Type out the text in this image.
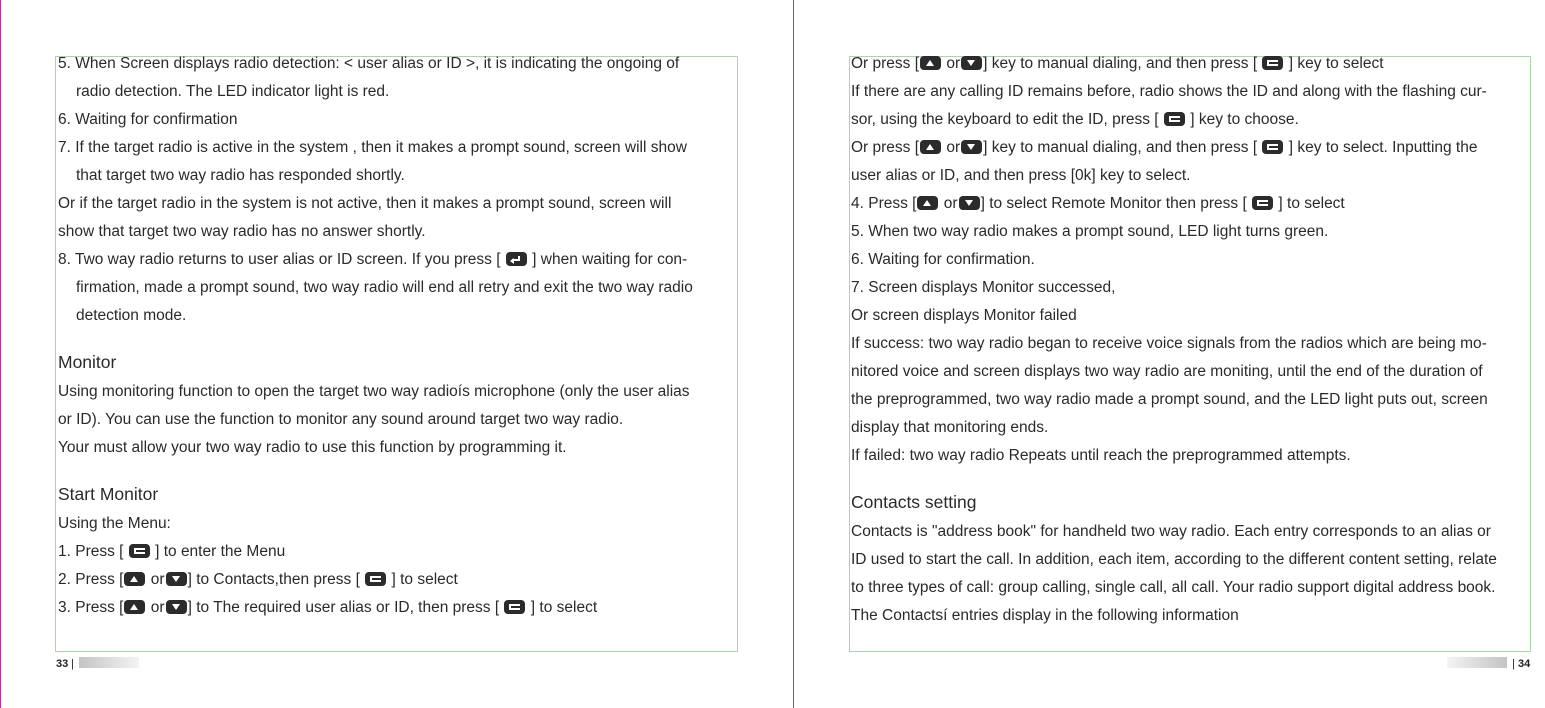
5. When Screen displays radio detection: < user alias or ID >, it is indicating the ongoing of
radio detection. The LED indicator light is red.
6. Waiting for confirmation
7. If the target radio is active in the system , then it makes a prompt sound, screen will show
that target two way radio has responded shortly.
Or if the target radio in the system is not active, then it makes a prompt sound, screen will
show that target two way radio has no answer shortly.
8. Two way radio returns to user alias or ID screen. If you press [ ] when waiting for con-
firmation, made a prompt sound, two way radio will end all retry and exit the two way radio
detection mode.
Monitor
Using monitoring function to open the target two way radioís microphone (only the user alias
or ID). You can use the function to monitor any sound around target two way radio.
Your must allow your two way radio to use this function by programming it.
Start Monitor
Using the Menu:
1. Press [ ] to enter the Menu
2. Press [ or ] to Contacts,then press [ ] to select
3. Press [ or ] to The required user alias or ID, then press [ ] to select
33 |
Or press [ or ] key to manual dialing, and then press [ ] key to select
If there are any calling ID remains before, radio shows the ID and along with the flashing cur-
sor, using the keyboard to edit the ID, press [ ] key to choose.
Or press [ or ] key to manual dialing, and then press [ ] key to select. Inputting the
user alias or ID, and then press [0k] key to select.
4. Press [ or ] to select Remote Monitor then press [ ] to select
5. When two way radio makes a prompt sound, LED light turns green.
6. Waiting for confirmation.
7. Screen displays Monitor successed,
Or screen displays Monitor failed
If success: two way radio began to receive voice signals from the radios which are being mo-
nitored voice and screen displays two way radio are moniting, until the end of the duration of
the preprogrammed, two way radio made a prompt sound, and the LED light puts out, screen
display that monitoring ends.
If failed: two way radio Repeats until reach the preprogrammed attempts.
Contacts setting
Contacts is "address book" for handheld two way radio. Each entry corresponds to an alias or
ID used to start the call. In addition, each item, according to the different content setting, relate
to three types of call: group calling, single call, all call. Your radio support digital address book.
The Contactsí entries display in the following information
| 34
